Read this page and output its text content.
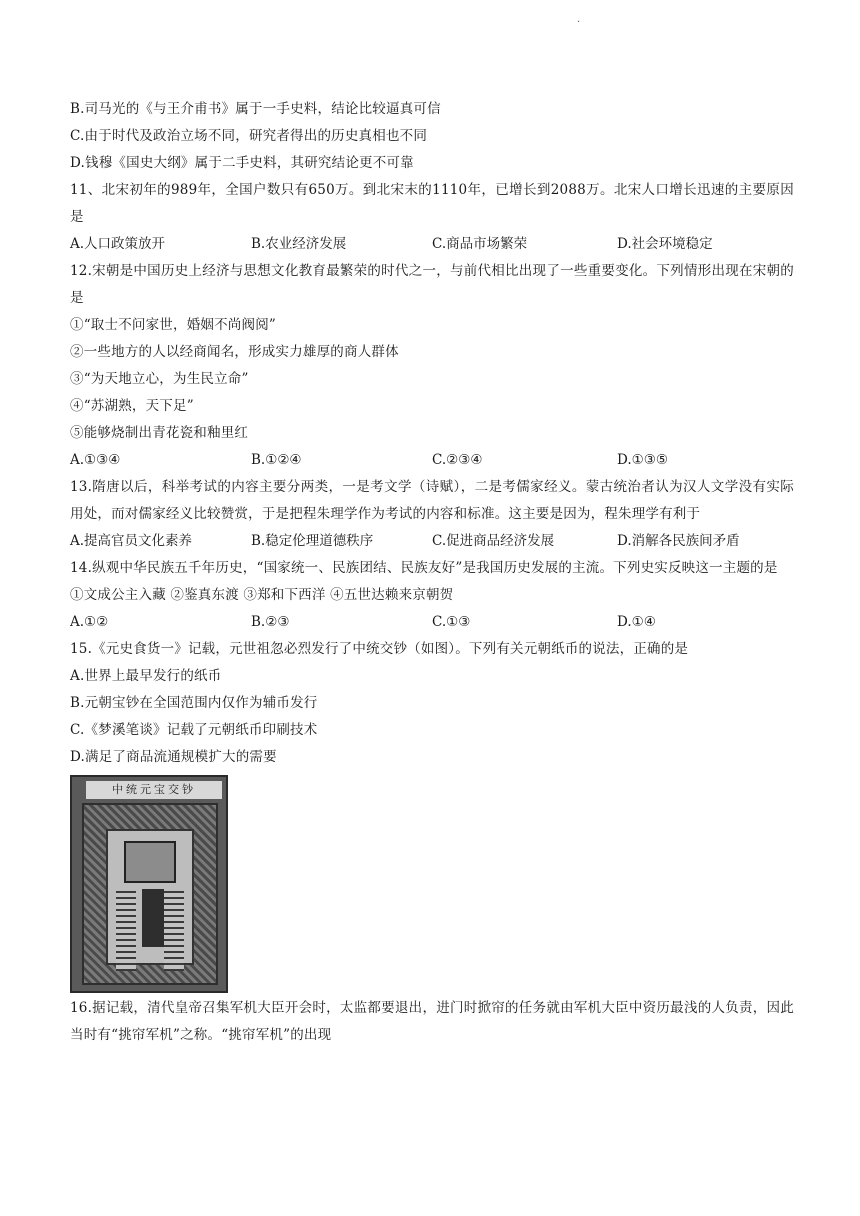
.
B.司马光的《与王介甫书》属于一手史料，结论比较逼真可信
C.由于时代及政治立场不同，研究者得出的历史真相也不同
D.钱穆《国史大纲》属于二手史料，其研究结论更不可靠
11、北宋初年的989年，全国户数只有650万。到北宋末的1110年，已增长到2088万。北宋人口增长迅速的主要原因是
A.人口政策放开	B.农业经济发展	C.商品市场繁荣	D.社会环境稳定
12.宋朝是中国历史上经济与思想文化教育最繁荣的时代之一，与前代相比出现了一些重要变化。下列情形出现在宋朝的是
①“取士不问家世，婚姻不尚阀阅”
②一些地方的人以经商闻名，形成实力雄厚的商人群体
③“为天地立心，为生民立命”
④“苏湖熟，天下足”
⑤能够烧制出青花瓷和釉里红
A.①③④	B.①②④	C.②③④	D.①③⑤
13.隋唐以后，科举考试的内容主要分两类，一是考文学（诗赋），二是考儒家经义。蒙古统治者认为汉人文学没有实际用处，而对儒家经义比较赞赏，于是把程朱理学作为考试的内容和标准。这主要是因为，程朱理学有利于
A.提高官员文化素养	B.稳定伦理道德秩序	C.促进商品经济发展	D.消解各民族间矛盾
14.纵观中华民族五千年历史，“国家统一、民族团结、民族友好”是我国历史发展的主流。下列史实反映这一主题的是
①文成公主入藏 ②鉴真东渡 ③郑和下西洋 ④五世达赖来京朝贺
A.①②	B.②③	C.①③	D.①④
15.《元史食货一》记载，元世祖忽必烈发行了中统交钞（如图）。下列有关元朝纸币的说法，正确的是
A.世界上最早发行的纸币
B.元朝宝钞在全国范围内仅作为辅币发行
C.《梦溪笔谈》记载了元朝纸币印刷技术
D.满足了商品流通规模扩大的需要
中统元宝交钞
16.据记载，清代皇帝召集军机大臣开会时，太监都要退出，进门时掀帘的任务就由军机大臣中资历最浅的人负责，因此当时有“挑帘军机”之称。“挑帘军机”的出现
